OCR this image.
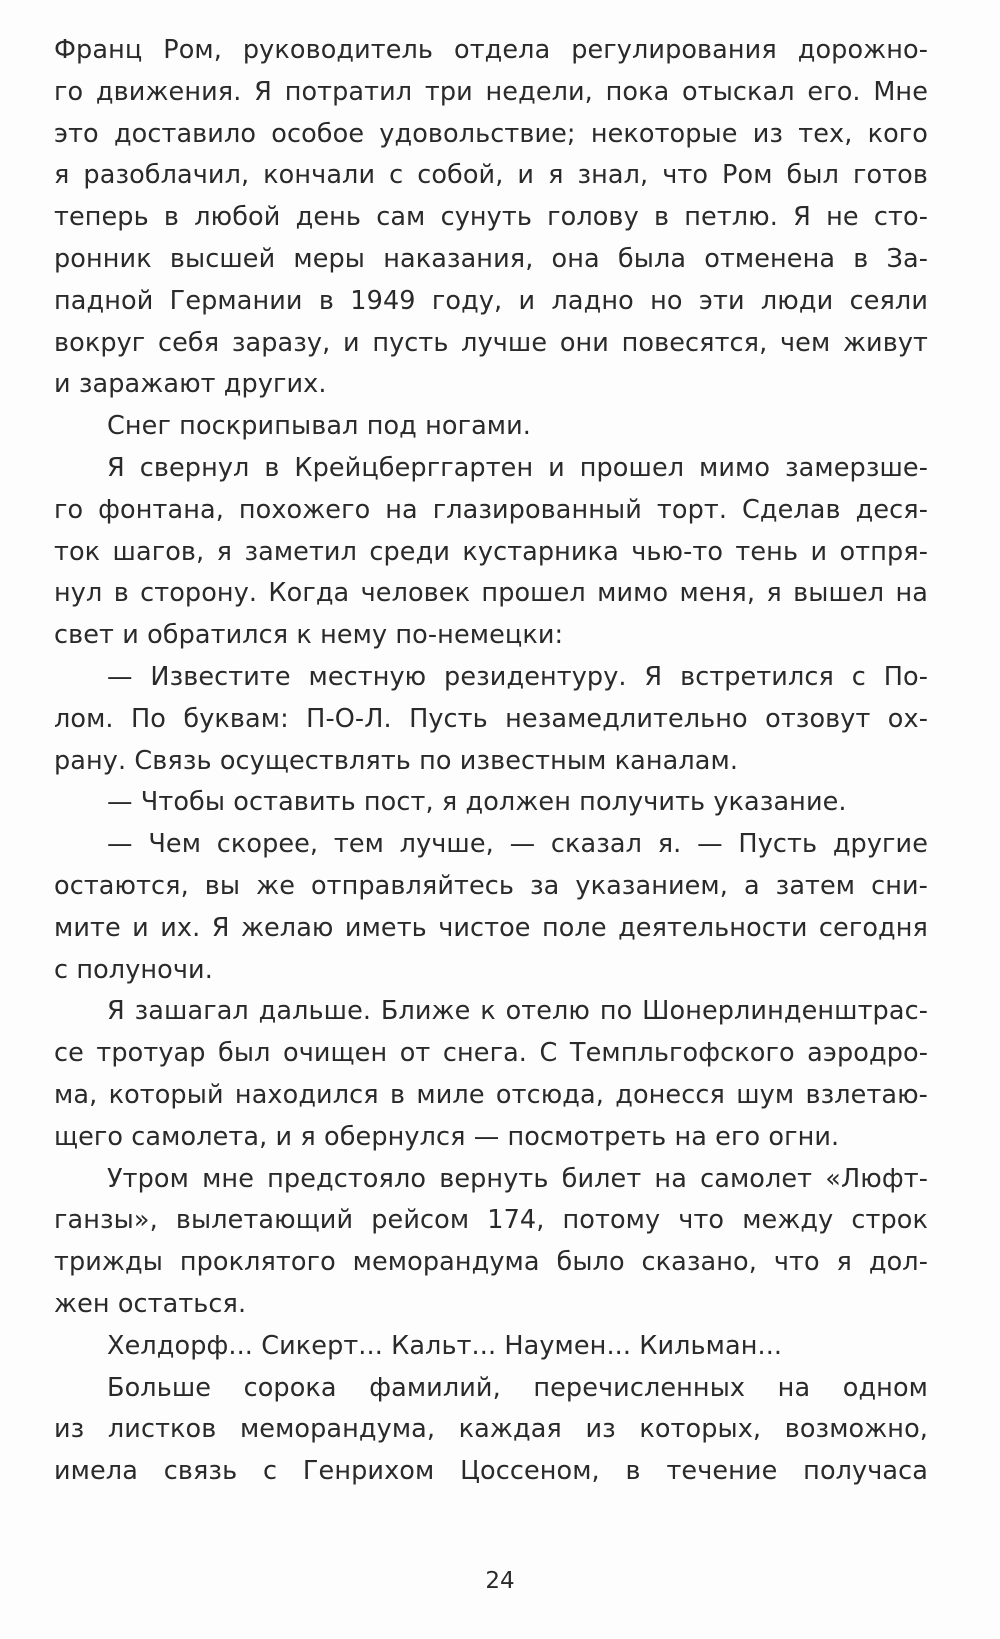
Франц Ром, руководитель отдела регулирования дорожно-
го движения. Я потратил три недели, пока отыскал его. Мне
это доставило особое удовольствие; некоторые из тех, кого
я разоблачил, кончали с собой, и я знал, что Ром был готов
теперь в любой день сам сунуть голову в петлю. Я не сто-
ронник высшей меры наказания, она была отменена в За-
падной Германии в 1949 году, и ладно но эти люди сеяли
вокруг себя заразу, и пусть лучше они повесятся, чем живут
и заражают других.
Снег поскрипывал под ногами.
Я свернул в Крейцберггартен и прошел мимо замерзше-
го фонтана, похожего на глазированный торт. Сделав деся-
ток шагов, я заметил среди кустарника чью-то тень и отпря-
нул в сторону. Когда человек прошел мимо меня, я вышел на
свет и обратился к нему по-немецки:
— Известите местную резидентуру. Я встретился с По-
лом. По буквам: П-О-Л. Пусть незамедлительно отзовут ох-
рану. Связь осуществлять по известным каналам.
— Чтобы оставить пост, я должен получить указание.
— Чем скорее, тем лучше, — сказал я. — Пусть другие
остаются, вы же отправляйтесь за указанием, а затем сни-
мите и их. Я желаю иметь чистое поле деятельности сегодня
с полуночи.
Я зашагал дальше. Ближе к отелю по Шонерлинденштрас-
се тротуар был очищен от снега. С Темпльгофского аэродро-
ма, который находился в миле отсюда, донесся шум взлетаю-
щего самолета, и я обернулся — посмотреть на его огни.
Утром мне предстояло вернуть билет на самолет «Люфт-
ганзы», вылетающий рейсом 174, потому что между строк
трижды проклятого меморандума было сказано, что я дол-
жен остаться.
Хелдорф... Сикерт... Кальт... Наумен... Кильман...
Больше сорока фамилий, перечисленных на одном
из листков меморандума, каждая из которых, возможно,
имела связь с Генрихом Цоссеном, в течение получаса
24
